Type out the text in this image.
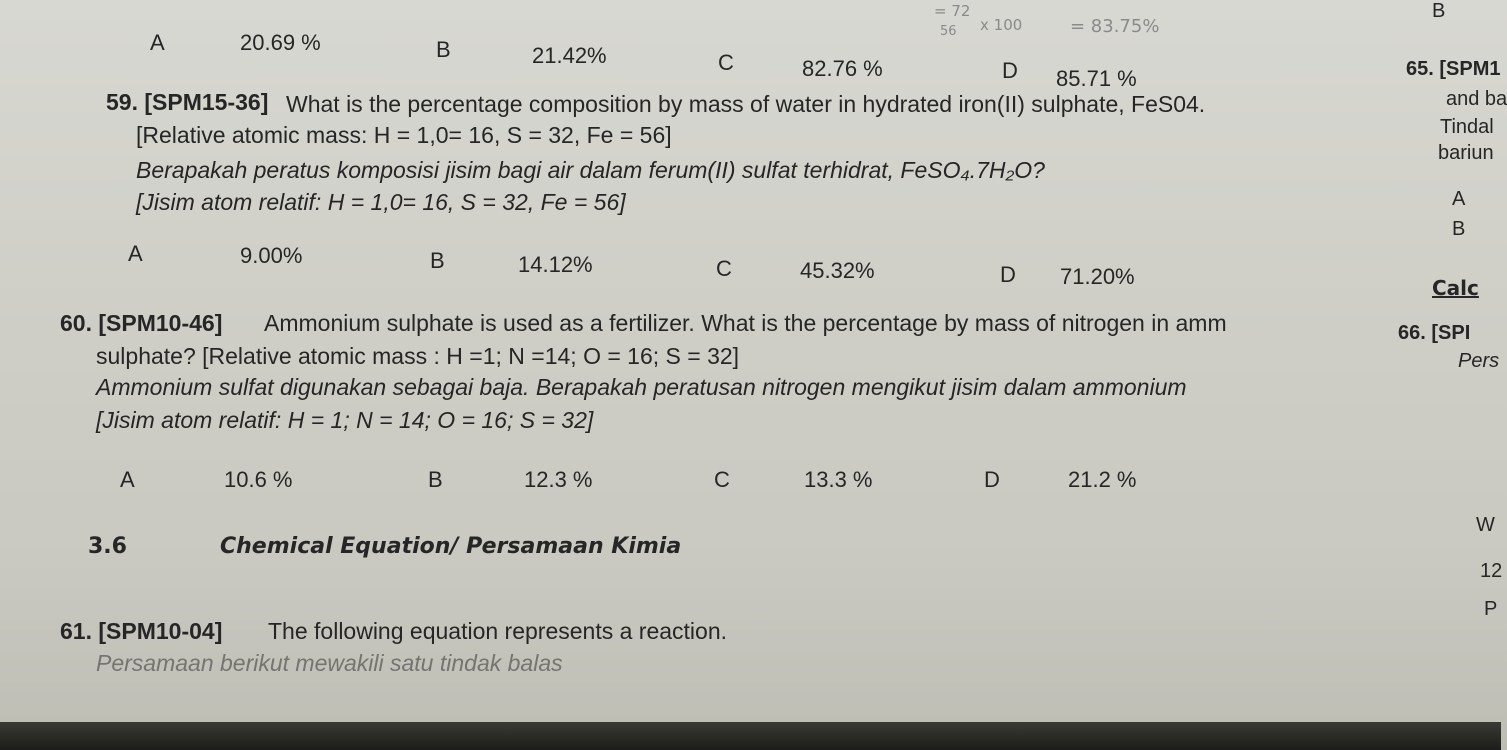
= 72
56 x 100	= 83.75%
B
A	20.69 %	B	21.42%	C	82.76 %	D 85.71 %
59. [SPM15-36] What is the percentage composition by mass of water in hydrated iron(II) sulphate, FeS04.
[Relative atomic mass: H = 1,0= 16, S = 32, Fe = 56]
Berapakah peratus komposisi jisim bagi air dalam ferum(II) sulfat terhidrat, FeSO₄.7H₂O?
[Jisim atom relatif: H = 1,0= 16, S = 32, Fe = 56]
A	9.00%	B	14.12%	C	45.32%	D 71.20%
60. [SPM10-46] Ammonium sulphate is used as a fertilizer. What is the percentage by mass of nitrogen in amm
sulphate? [Relative atomic mass : H =1; N =14; O = 16; S = 32]
Ammonium sulfat digunakan sebagai baja. Berapakah peratusan nitrogen mengikut jisim dalam ammonium
[Jisim atom relatif: H = 1; N = 14; O = 16; S = 32]
A	10.6 %	B	12.3 %	C	13.3 %	D	21.2 %
3.6	Chemical Equation/ Persamaan Kimia
61. [SPM10-04] The following equation represents a reaction.
Persamaan berikut mewakili satu tindak balas
65. [SPM1
and ba
Tindal
bariun
A
B
Calc
66. [SPI
Pers
W
12
P
